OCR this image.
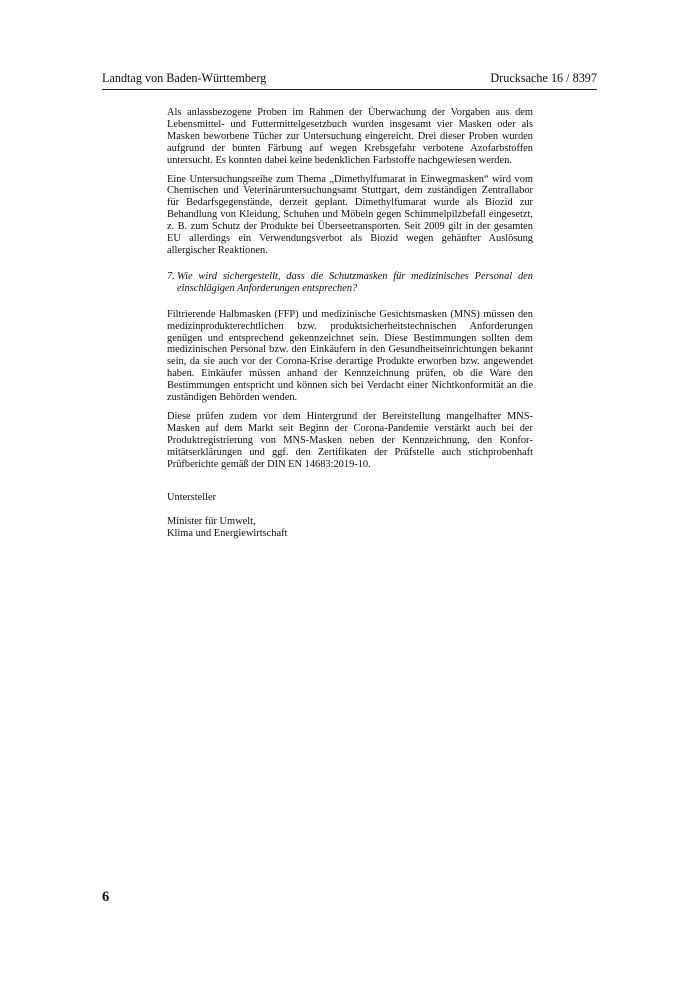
Landtag von Baden-Württemberg	Drucksache 16 / 8397

Als anlassbezogene Proben im Rahmen der Überwachung der Vorgaben aus dem Lebensmittel- und Futtermittelgesetzbuch wurden insgesamt vier Masken oder als Masken beworbene Tücher zur Untersuchung eingereicht. Drei dieser Proben wurden aufgrund der bunten Färbung auf wegen Krebsgefahr verbotene Azofarbstoffen untersucht. Es konnten dabei keine bedenklichen Farbstoffe nachgewiesen werden.

Eine Untersuchungsreihe zum Thema „Dimethylfumarat in Einwegmasken“ wird vom Chemischen und Veterinäruntersuchungsamt Stuttgart, dem zuständigen Zentrallabor für Bedarfsgegenstände, derzeit geplant. Dimethylfumarat wurde als Biozid zur Behandlung von Kleidung, Schuhen und Möbeln gegen Schimmelpilzbefall eingesetzt, z. B. zum Schutz der Produkte bei Überseetransporten. Seit 2009 gilt in der gesamten EU allerdings ein Verwendungsverbot als Biozid wegen gehäufter Auslösung allergischer Reaktionen.

7. Wie wird sichergestellt, dass die Schutzmasken für medizinisches Personal den einschlägigen Anforderungen entsprechen?

Filtrierende Halbmasken (FFP) und medizinische Gesichtsmasken (MNS) müssen den medizinprodukterechtlichen bzw. produktsicherheitstechnischen Anforderungen genügen und entsprechend gekennzeichnet sein. Diese Bestimmungen sollten dem medizinischen Personal bzw. den Einkäufern in den Gesundheitseinrichtungen bekannt sein, da sie auch vor der Corona-Krise derartige Produkte erworben bzw. angewendet haben. Einkäufer müssen anhand der Kennzeichnung prüfen, ob die Ware den Bestimmungen entspricht und können sich bei Verdacht einer Nichtkonformität an die zuständigen Behörden wenden.

Diese prüfen zudem vor dem Hintergrund der Bereitstellung mangelhafter MNS-Masken auf dem Markt seit Beginn der Corona-Pandemie verstärkt auch bei der Produktregistrierung von MNS-Masken neben der Kennzeichnung, den Konformitätserklärungen und ggf. den Zertifikaten der Prüfstelle auch stichprobenhaft Prüfberichte gemäß der DIN EN 14683:2019-10.

Untersteller

Minister für Umwelt,

Klima und Energiewirtschaft

6
